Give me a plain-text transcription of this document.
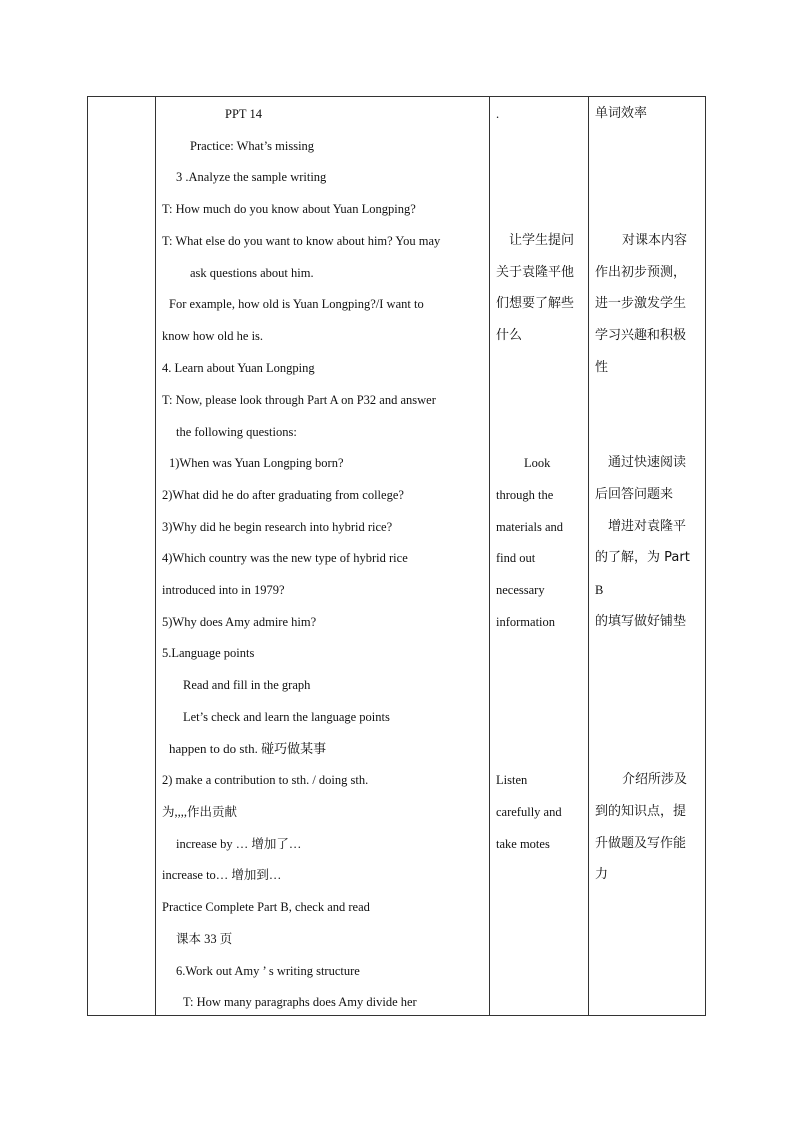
PPT 14
Practice: What’s missing
3 .Analyze the sample writing
T: How much do you know about Yuan Longping?
T: What else do you want to know about him? You may
ask questions about him.
For example, how old is Yuan Longping?/I want to
know how old he is.
4. Learn about Yuan Longping
T: Now, please look through Part A on P32 and answer
the following questions:
1)When was Yuan Longping born?
2)What did he do after graduating from college?
3)Why did he begin research into hybrid rice?
4)Which country was the new type of hybrid rice
introduced into in 1979?
5)Why does Amy admire him?
5.Language points
Read and fill in the graph
Let’s check and learn the language points
happen to do sth. 碰巧做某事
2) make a contribution to sth. / doing sth.
为,,,,作出贡献
increase by … 增加了…
increase to… 增加到…
Practice Complete Part B, check and read
课本 33 页
6.Work out Amy ’ s writing structure
T: How many paragraphs does Amy divide her
.
让学生提问
关于袁隆平他
们想要了解些
什么
Look
through the
materials and
find out
necessary
information
Listen
carefully and
take motes
单词效率
对课本内容
作出初步预测，
进一步激发学生
学习兴趣和积极
性
通过快速阅读
后回答问题来
增进对袁隆平
的了解，为 Part
B
的填写做好铺垫
介绍所涉及
到的知识点，提
升做题及写作能
力
